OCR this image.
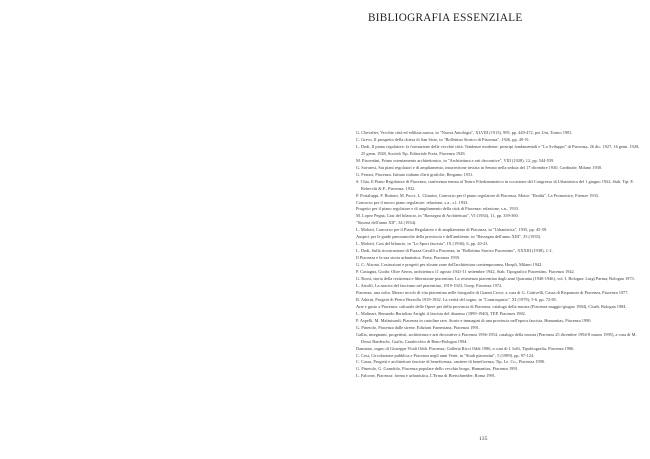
BIBLIOGRAFIA ESSENZIALE
G. Chevalier, Vecchie città ed edilizia nuova, in "Nuova Antologia", XLVIII (1913), 995, pp. 449-472, poi Unt, Torino 1981.
C. Greco, Il prospetto della chiesa di San Sisto, in "Bollettino Storico di Piacenza", 1926, pp. 49-51.
L. Dodi, Il piano regolatore: la formazione delle vecchie città. Tendenze moderne: principi fondamentali e "Lo Sviluppo" di Piacenza, 26 dic. 1927, 16 genn. 1928, 25 genn. 1928, Società Tip. Editoriale Porta, Piacenza 1928.
M. Piacentini, Primo orientamento architettonico, in "Architettura e arti decorative", VIII (1928), 12, pp. 544-559.
G. Savaresi, Sui piani regolatori e di ampliamento, insurrezione inviata in Senato nella seduta del 17 dicembre 1930, Cardinale, Milano 1930.
G. Ferrari, Piacenza. Istituto italiano d'arti grafiche, Bergamo 1931.
S. Chia, Il Piano Regolatore di Piacenza, conferenza tenuta al Teatro Filodrammatico in occasione del Congresso di Urbanistica del 1 giugno 1932, Stab. Tip. E. Rebecchi & F., Piacenza, 1932.
P. Portaluppi, F. Bottoni, M. Pucci, L. Chiarini, Concorso per il piano regolatore di Piacenza. Motto: "Realtà", La Promotrice, Firenze 1933.
Concorso per il nuovo piano regolatore: relazione, s.a., s.l. 1933.
Progetto per il piano regolatore e di ampliamento della città di Piacenza: relazione, s.n., 1933.
M. Lopez Pegna, Casi del bilancio, in "Rassegna di Architettura", VI (1934), 11, pp. 339-360.
"Sinossi dell'anno XII", 34 (1934).
L. Molotti, Concorso per il Piano Regolatore e di ampliamento di Piacenza, in "Urbanistica", 1935, pp. 45-59.
Auspici per le guide panoramiche della provincia e dell'ambiente, in "Rassegna dell'anno XIII", 35 (1935).
L. Molotti, Casi del bilancio, in "Lo Sport fascista", IX (1936), 6, pp. 20-23.
L. Dodi, Sulla ricostruzione di Piazza Cavalli a Piacenza, in "Bollettino Storico Piacentino", XXXIII (1938), 1-2.
Il Piacenza e la sua storia urbanistica, Porta, Piacenza 1939.
G. C. Alzona, Costruzioni e progetti per alcune zone dell'architettura contemporanea, Hoepli, Milano 1942.
P. Castagna, Guida: Oltre Aeron, architettura 11 agosto 1941-11 settembre 1942, Stab. Tipografico Piacentino, Piacenza 1942.
G. Rossi, storia della resistenza e liberazione piacentina. La resistenza piacentina dagli anni Quaranta (1940-1946), vol. I, Bologna: Luigi Parma, Bologna 1973.
L. Astolfi, La nascita del fascismo nel piacentino, 1919-1923, Unop, Piacenza 1972.
Piacenza, una volta. Mezzo secolo di vita piacentina nelle fotografie di Gianni Croce, a cura di G. Cattivelli, Cassa di Risparmio di Piacenza, Piacenza 1977.
B. Adorni, Progetti di Pietro Berzolla 1919-1932. La verità del sogno, in "Controspazio", XI (1979), 5-6, pp. 72-85.
Arte e gusto a Piacenza: culturale delle Opere per della provincia di Piacenza, catalogo della mostra (Piacenza maggio-giugno 1984), Clueb, Bologna 1984.
L. Molinari, Bernardo Bertolino Arrighi il fascista del dissenso (1899-1940), TEP, Piacenza 1982.
P. Aspelli, M. Malmisardi, Piacenza in cartoline rare. Storie e immagini di una provincia nell'epoca fascista, Humanitas, Piacenza 1990.
G. Pinerolo, Piacenza dalle sirene. Edizioni Farnesiana, Piacenza 1991.
Gallia, insegnanti, progettisti, architettura e arti decorative a Piacenza 1936-1954, catalogo della mostra (Piacenza 25 dicembre 1994-8 marzo 1995), a cura di M. Dezzi Bardeschi, Grafis, Casalecchio di Reno-Bologna 1994.
Damiano, sogno di Giuseppe Vitali Oddi. Piacenza, Galleria Ricci Oddi 1986, a cura di I. Ioffi, Tipolitografia, Piacenza 1986.
C. Cosi, Circolazione pubblica e Piacenza negli anni Venti, in "Studi piacentini", 5 (1989), pp. 97-124.
C. Cassa, Progetti e architetture fasciste di beneficenza, cantiere di beneficenza, Tip. Le. Co., Piacenza 1990.
G. Pinerolo, G. Grandolo, Piacenza popolare dello vecchio borgo, Humanitas, Piacenza 1991.
L. Falcone, Piacenza: forma e urbanistica, L'Erma di Bretschneider, Roma 1991.
135
